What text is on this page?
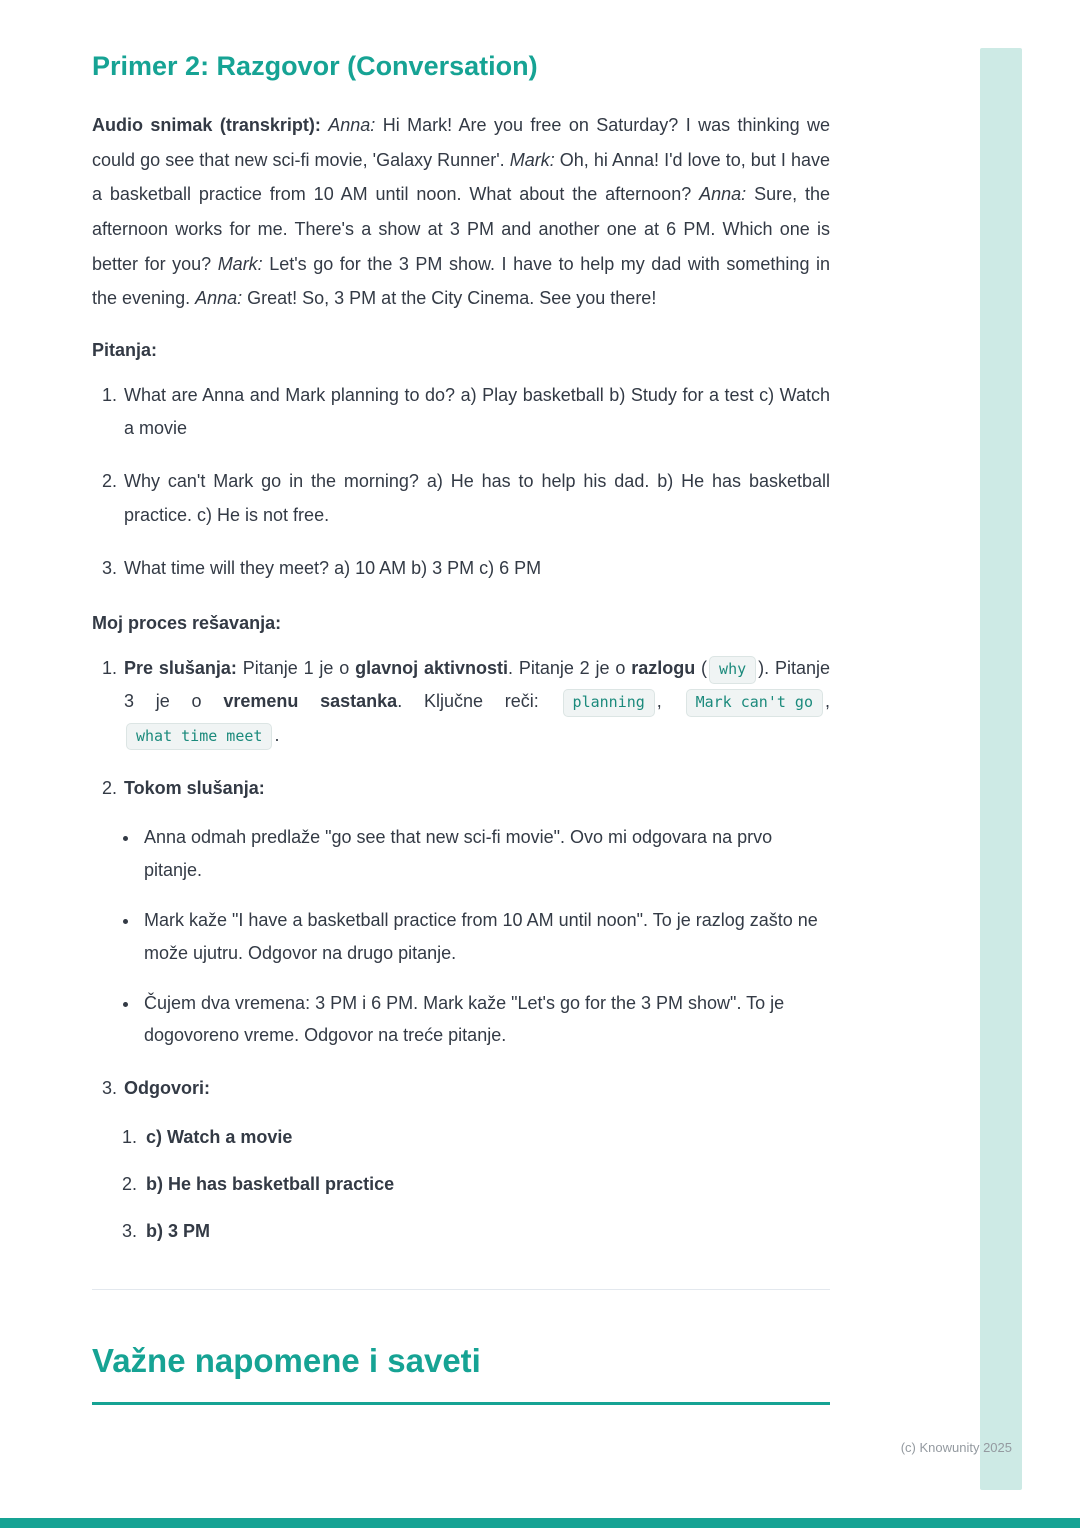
Primer 2: Razgovor (Conversation)

Audio snimak (transkript): Anna: Hi Mark! Are you free on Saturday? I was thinking we could go see that new sci-fi movie, 'Galaxy Runner'. Mark: Oh, hi Anna! I'd love to, but I have a basketball practice from 10 AM until noon. What about the afternoon? Anna: Sure, the afternoon works for me. There's a show at 3 PM and another one at 6 PM. Which one is better for you? Mark: Let's go for the 3 PM show. I have to help my dad with something in the evening. Anna: Great! So, 3 PM at the City Cinema. See you there!

Pitanja:

1. What are Anna and Mark planning to do? a) Play basketball b) Study for a test c) Watch a movie
2. Why can't Mark go in the morning? a) He has to help his dad. b) He has basketball practice. c) He is not free.
3. What time will they meet? a) 10 AM b) 3 PM c) 6 PM

Moj proces rešavanja:

1. Pre slušanja: Pitanje 1 je o glavnoj aktivnosti. Pitanje 2 je o razlogu ( why ). Pitanje 3 je o vremenu sastanka. Ključne reči: planning , Mark can't go , what time meet .
2. Tokom slušanja:
• Anna odmah predlaže "go see that new sci-fi movie". Ovo mi odgovara na prvo pitanje.
• Mark kaže "I have a basketball practice from 10 AM until noon". To je razlog zašto ne može ujutru. Odgovor na drugo pitanje.
• Čujem dva vremena: 3 PM i 6 PM. Mark kaže "Let's go for the 3 PM show". To je dogovoreno vreme. Odgovor na treće pitanje.
3. Odgovori:
1. c) Watch a movie
2. b) He has basketball practice
3. b) 3 PM
Važne napomene i saveti
(c) Knowunity 2025
